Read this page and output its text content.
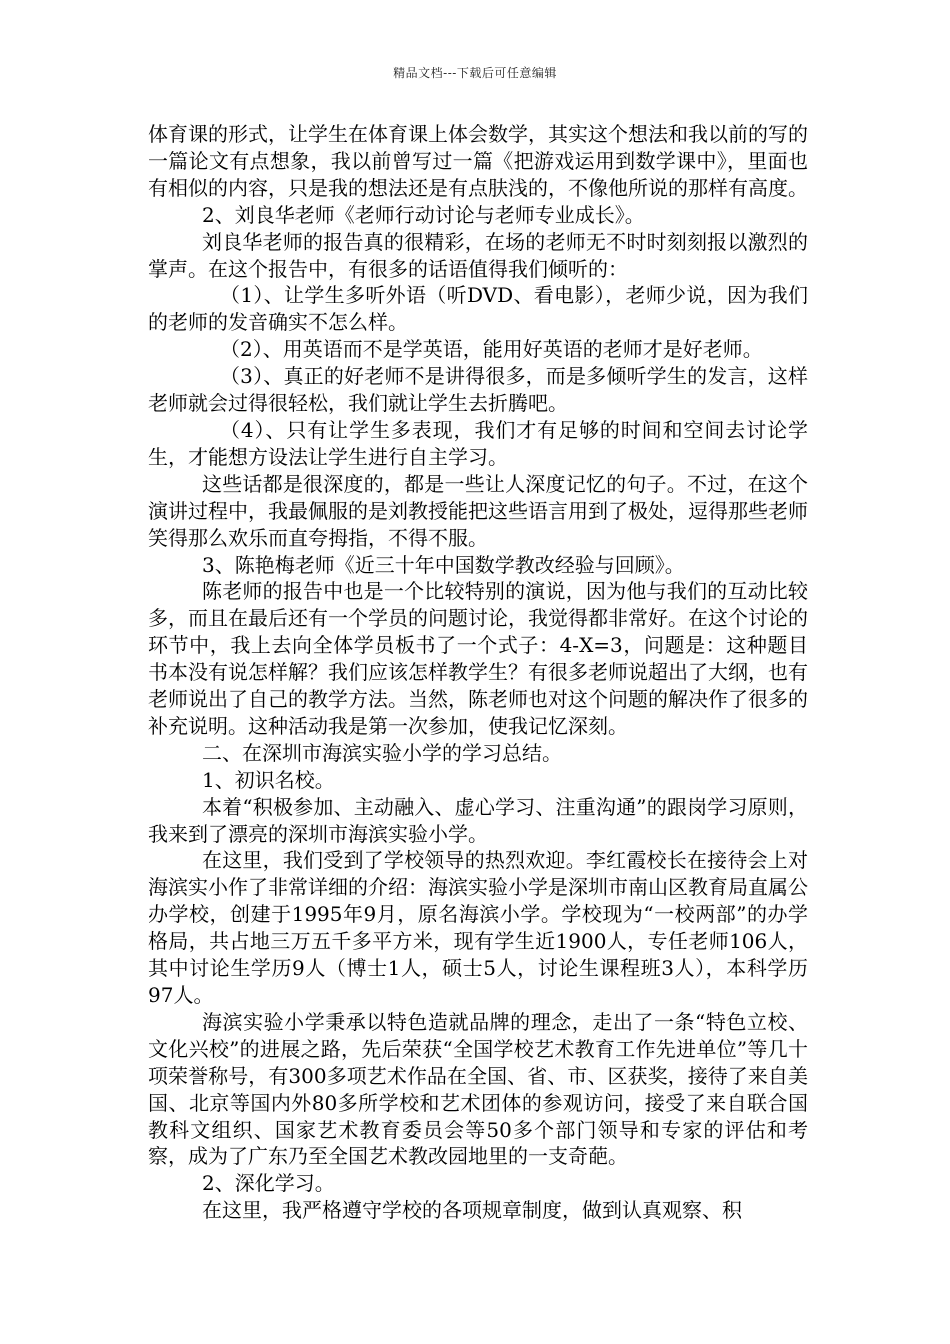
精品文档---下载后可任意编辑

体育课的形式，让学生在体育课上体会数学，其实这个想法和我以前的写的一篇论文有点想象，我以前曾写过一篇《把游戏运用到数学课中》，里面也有相似的内容，只是我的想法还是有点肤浅的，不像他所说的那样有高度。

2、刘良华老师《老师行动讨论与老师专业成长》。

刘良华老师的报告真的很精彩，在场的老师无不时时刻刻报以激烈的掌声。在这个报告中，有很多的话语值得我们倾听的：

（1）、让学生多听外语（听DVD、看电影），老师少说，因为我们的老师的发音确实不怎么样。

（2）、用英语而不是学英语，能用好英语的老师才是好老师。

（3）、真正的好老师不是讲得很多，而是多倾听学生的发言，这样老师就会过得很轻松，我们就让学生去折腾吧。

（4）、只有让学生多表现，我们才有足够的时间和空间去讨论学生，才能想方设法让学生进行自主学习。

这些话都是很深度的，都是一些让人深度记忆的句子。不过，在这个演讲过程中，我最佩服的是刘教授能把这些语言用到了极处，逗得那些老师笑得那么欢乐而直夸拇指，不得不服。

3、陈艳梅老师《近三十年中国数学教改经验与回顾》。

陈老师的报告中也是一个比较特别的演说，因为他与我们的互动比较多，而且在最后还有一个学员的问题讨论，我觉得都非常好。在这个讨论的环节中，我上去向全体学员板书了一个式子：4-X=3，问题是：这种题目书本没有说怎样解？我们应该怎样教学生？有很多老师说超出了大纲，也有老师说出了自己的教学方法。当然，陈老师也对这个问题的解决作了很多的补充说明。这种活动我是第一次参加，使我记忆深刻。

二、在深圳市海滨实验小学的学习总结。

1、初识名校。

本着“积极参加、主动融入、虚心学习、注重沟通”的跟岗学习原则，我来到了漂亮的深圳市海滨实验小学。

在这里，我们受到了学校领导的热烈欢迎。李红霞校长在接待会上对海滨实小作了非常详细的介绍：海滨实验小学是深圳市南山区教育局直属公办学校，创建于1995年9月，原名海滨小学。学校现为“一校两部”的办学格局，共占地三万五千多平方米，现有学生近1900人，专任老师106人，其中讨论生学历9人（博士1人，硕士5人，讨论生课程班3人），本科学历97人。

海滨实验小学秉承以特色造就品牌的理念，走出了一条“特色立校、文化兴校”的进展之路，先后荣获“全国学校艺术教育工作先进单位”等几十项荣誉称号，有300多项艺术作品在全国、省、市、区获奖，接待了来自美国、北京等国内外80多所学校和艺术团体的参观访问，接受了来自联合国教科文组织、国家艺术教育委员会等50多个部门领导和专家的评估和考察，成为了广东乃至全国艺术教改园地里的一支奇葩。

2、深化学习。

在这里，我严格遵守学校的各项规章制度，做到认真观察、积
